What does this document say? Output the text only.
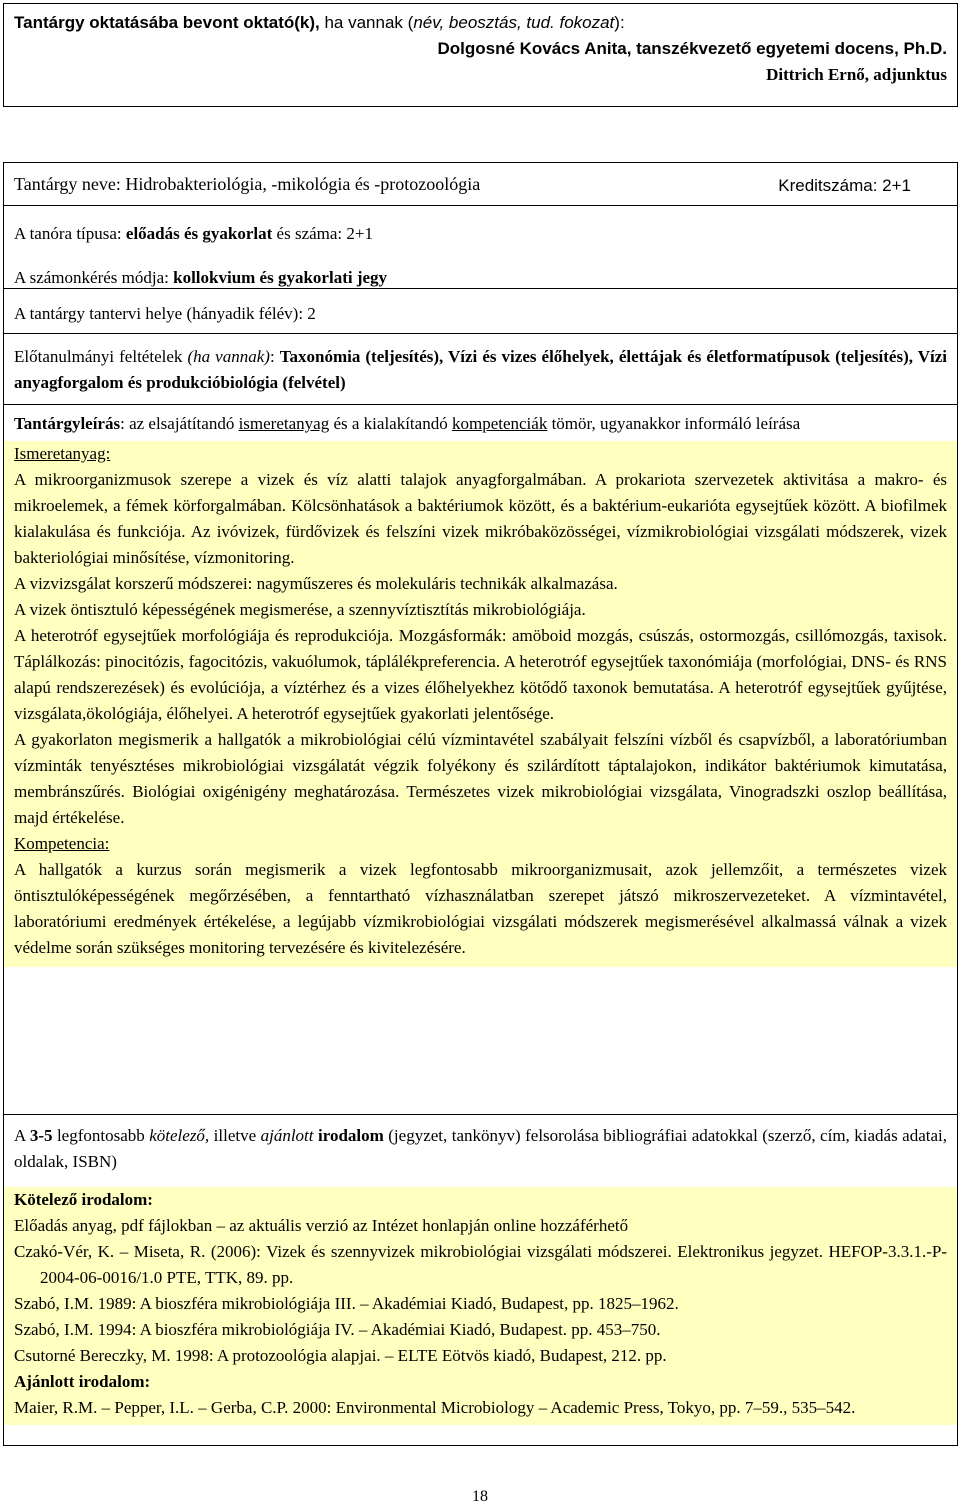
Tantárgy oktatásába bevont oktató(k), ha vannak (név, beosztás, tud. fokozat):

Dolgosné Kovács Anita, tanszékvezető egyetemi docens, Ph.D.

Dittrich Ernő, adjunktus

Tantárgy neve: Hidrobakteriológia, -mikológia és -protozoológia	Kreditszáma: 2+1

A tanóra típusa: előadás és gyakorlat és száma: 2+1

A számonkérés módja: kollokvium és gyakorlati jegy

A tantárgy tantervi helye (hányadik félév): 2

Előtanulmányi feltételek (ha vannak): Taxonómia (teljesítés), Vízi és vizes élőhelyek, élettájak és életformatípusok (teljesítés), Vízi anyagforgalom és produkcióbiológia (felvétel)

Tantárgyleírás: az elsajátítandó ismeretanyag és a kialakítandó kompetenciák tömör, ugyanakkor informáló leírása

Ismeretanyag:

A mikroorganizmusok szerepe a vizek és víz alatti talajok anyagforgalmában. A prokariota szervezetek aktivitása a makro- és mikroelemek, a fémek körforgalmában. Kölcsönhatások a baktériumok között, és a baktérium-eukarióta egysejtűek között. A biofilmek kialakulása és funkciója. Az ivóvizek, fürdővizek és felszíni vizek mikróbaközösségei, vízmikrobiológiai vizsgálati módszerek, vizek bakteriológiai minősítése, vízmonitoring.

A vizvizsgálat korszerű módszerei: nagyműszeres és molekuláris technikák alkalmazása.

A vizek öntisztuló képességének megismerése, a szennyvíztisztítás mikrobiológiája.

A heterotróf egysejtűek morfológiája és reprodukciója. Mozgásformák: amöboid mozgás, csúszás, ostormozgás, csillómozgás, taxisok. Táplálkozás: pinocitózis, fagocitózis, vakuólumok, táplálékpreferencia. A heterotróf egysejtűek taxonómiája (morfológiai, DNS- és RNS alapú rendszerezések) és evolúciója, a víztérhez és a vizes élőhelyekhez kötődő taxonok bemutatása. A heterotróf egysejtűek gyűjtése, vizsgálata,ökológiája, élőhelyei. A heterotróf egysejtűek gyakorlati jelentősége.

A gyakorlaton megismerik a hallgatók a mikrobiológiai célú vízmintavétel szabályait felszíni vízből és csapvízből, a laboratóriumban vízminták tenyésztéses mikrobiológiai vizsgálatát végzik folyékony és szilárdított táptalajokon, indikátor baktériumok kimutatása, membránszűrés. Biológiai oxigénigény meghatározása. Természetes vizek mikrobiológiai vizsgálata, Vinogradszki oszlop beállítása, majd értékelése.

Kompetencia:

A hallgatók a kurzus során megismerik a vizek legfontosabb mikroorganizmusait, azok jellemzőit, a természetes vizek öntisztulóképességének megőrzésében, a fenntartható vízhasználatban szerepet játszó mikroszervezeteket. A vízmintavétel, laboratóriumi eredmények értékelése, a legújabb vízmikrobiológiai vizsgálati módszerek megismerésével alkalmassá válnak a vizek védelme során szükséges monitoring tervezésére és kivitelezésére.

A 3-5 legfontosabb kötelező, illetve ajánlott irodalom (jegyzet, tankönyv) felsorolása bibliográfiai adatokkal (szerző, cím, kiadás adatai, oldalak, ISBN)

Kötelező irodalom:

Előadás anyag, pdf fájlokban – az aktuális verzió az Intézet honlapján online hozzáférhető

Czakó-Vér, K. – Miseta, R. (2006): Vizek és szennyvizek mikrobiológiai vizsgálati módszerei. Elektronikus jegyzet. HEFOP-3.3.1.-P-2004-06-0016/1.0 PTE, TTK, 89. pp.

Szabó, I.M. 1989: A bioszféra mikrobiológiája III. – Akadémiai Kiadó, Budapest, pp. 1825–1962.

Szabó, I.M. 1994: A bioszféra mikrobiológiája IV. – Akadémiai Kiadó, Budapest. pp. 453–750.

Csutorné Bereczky, M. 1998: A protozoológia alapjai. – ELTE Eötvös kiadó, Budapest, 212. pp.

Ajánlott irodalom:

Maier, R.M. – Pepper, I.L. – Gerba, C.P. 2000: Environmental Microbiology – Academic Press, Tokyo, pp. 7–59., 535–542.

18
